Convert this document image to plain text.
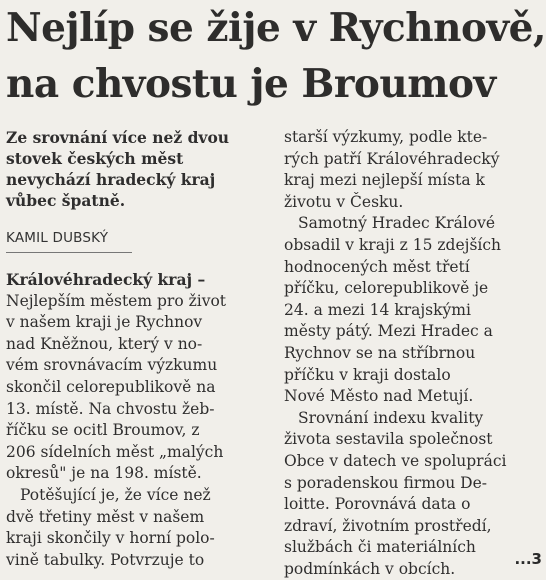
Nejlíp se žije v Rychnově,
na chvostu je Broumov
Ze srovnání více než dvou
stovek českých měst
nevychází hradecký kraj
vůbec špatně.
KAMIL DUBSKÝ
Královéhradecký kraj –
Nejlepším městem pro život
v našem kraji je Rychnov
nad Kněžnou, který v no-
vém srovnávacím výzkumu
skončil celorepublikově na
13. místě. Na chvostu žeb-
říčku se ocitl Broumov, z
206 sídelních měst „malých
okresů" je na 198. místě.
Potěšující je, že více než
dvě třetiny měst v našem
kraji skončily v horní polo-
vině tabulky. Potvrzuje to
starší výzkumy, podle kte-
rých patří Královéhradecký
kraj mezi nejlepší místa k
životu v Česku.
Samotný Hradec Králové
obsadil v kraji z 15 zdejších
hodnocených měst třetí
příčku, celorepublikově je
24. a mezi 14 krajskými
městy pátý. Mezi Hradec a
Rychnov se na stříbrnou
příčku v kraji dostalo
Nové Město nad Metují.
Srovnání indexu kvality
života sestavila společnost
Obce v datech ve spolupráci
s poradenskou firmou De-
loitte. Porovnává data o
zdraví, životním prostředí,
službách či materiálních
podmínkách v obcích.
...3
